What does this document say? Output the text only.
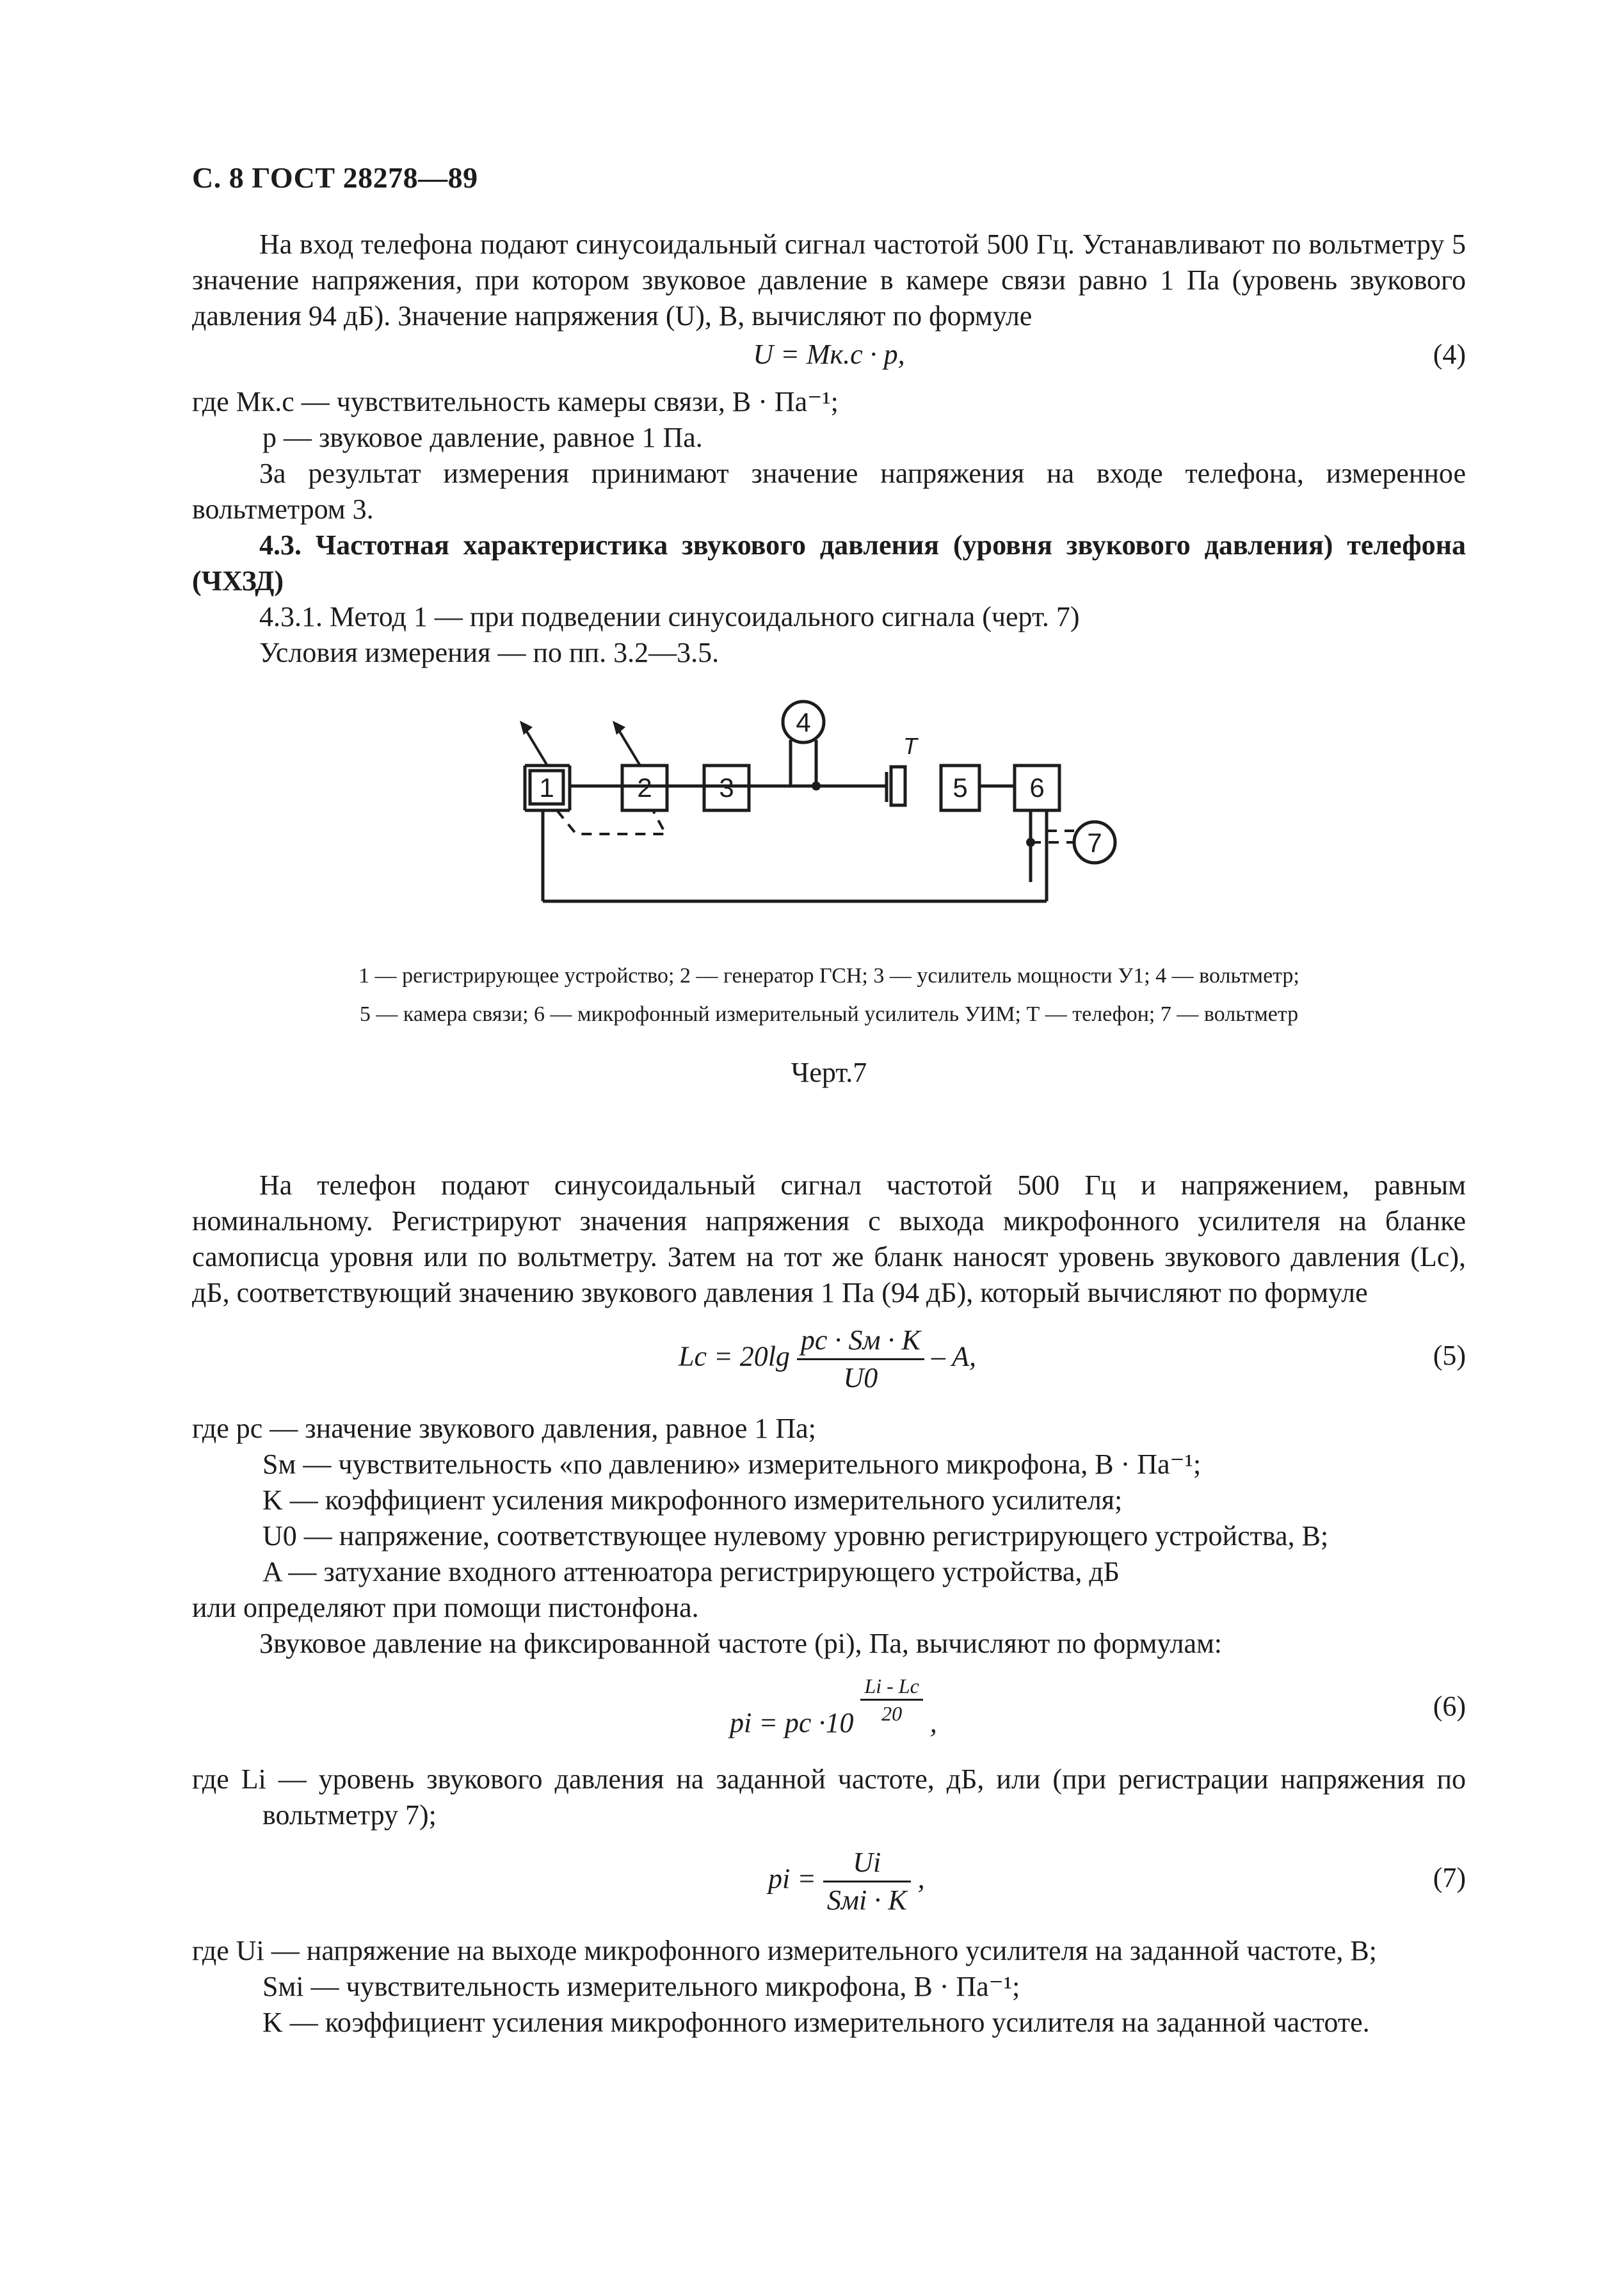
С. 8 ГОСТ 28278—89

На вход телефона подают синусоидальный сигнал частотой 500 Гц. Устанавливают по вольтметру 5 значение напряжения, при котором звуковое давление в камере связи равно 1 Па (уровень звукового давления 94 дБ). Значение напряжения (U), В, вычисляют по формуле

U = Mк.с · p,	(4)

где Mк.с — чувствительность камеры связи, В · Па⁻¹;

p — звуковое давление, равное 1 Па.

За результат измерения принимают значение напряжения на входе телефона, измеренное вольтметром 3.

4.3. Частотная характеристика звукового давления (уровня звукового давления) телефона (ЧХЗД)

4.3.1. Метод 1 — при подведении синусоидального сигнала (черт. 7)

Условия измерения — по пп. 3.2—3.5.

1	2 3
4
5 6
7
Т
1 — регистрирующее устройство; 2 — генератор ГСН; 3 — усилитель мощности У1; 4 — вольтметр;
5 — камера связи; 6 — микрофонный измерительный усилитель УИМ; Т — телефон; 7 — вольтметр
Черт.7

На телефон подают синусоидальный сигнал частотой 500 Гц и напряжением, равным номинальному. Регистрируют значения напряжения с выхода микрофонного усилителя на бланке самописца уровня или по вольтметру. Затем на тот же бланк наносят уровень звукового давления (Lс), дБ, соответствующий значению звукового давления 1 Па (94 дБ), который вычисляют по формуле

Lс = $20\lg \frac{pс \cdot Sм \cdot K}{U0}$ – A,	(5)

где pс — значение звукового давления, равное 1 Па;

Sм — чувствительность «по давлению» измерительного микрофона, В · Па⁻¹;

K — коэффициент усиления микрофонного измерительного усилителя;

U0 — напряжение, соответствующее нулевому уровню регистрирующего устройства, В;

A — затухание входного аттенюатора регистрирующего устройства, дБ

или определяют при помощи пистонфона.

Звуковое давление на фиксированной частоте (pi), Па, вычисляют по формулам:

pi = pс $\cdot 10 \frac{Li - Lс}{20}$ ,
(6)

где Li — уровень звукового давления на заданной частоте, дБ, или (при регистрации напряжения по вольтметру 7);

pi = $\frac{Ui}{\text{Sмi · K}}$ ,	(7)

где Ui — напряжение на выходе микрофонного измерительного усилителя на заданной частоте, В;

Sмi — чувствительность измерительного микрофона, В · Па⁻¹;

K — коэффициент усиления микрофонного измерительного усилителя на заданной частоте.
